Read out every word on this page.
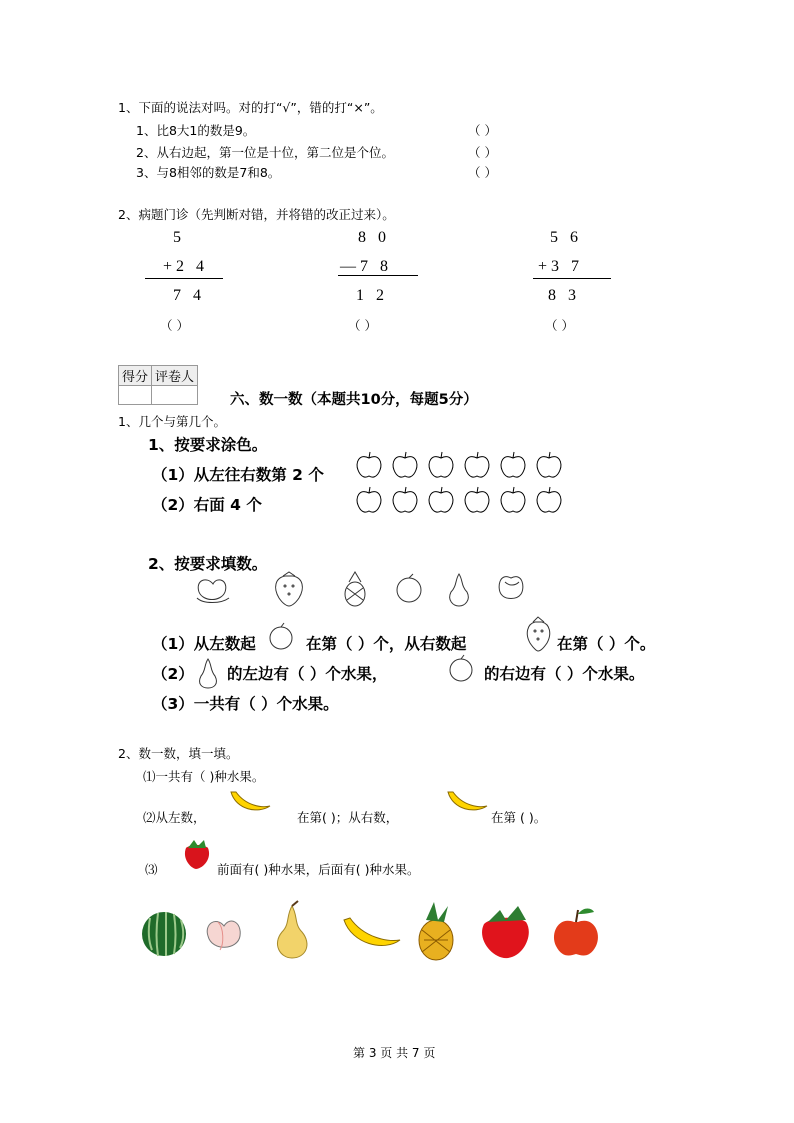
1、下面的说法对吗。对的打“√”，错的打“×”。
1、比8大1的数是9。	（ ）
2、从右边起，第一位是十位，第二位是个位。	（ ）
3、与8相邻的数是7和8。	（ ）
2、病题门诊（先判断对错，并将错的改正过来）。
5
+2 4
7 4
（ ）
8 0
—7 8
1 2
（ ）
5 6
+3 7
8 3
（ ）
得分	评卷人

六、数一数（本题共10分，每题5分）
1、几个与第几个。
1、按要求涂色。
（1）从左往右数第 2 个
（2）右面 4 个
2、按要求填数。
（1）从左数起	在第（ ）个，从右数起	在第（ ）个。
（2） 的左边有（ ）个水果，	的右边有（ ）个水果。
（3）一共有（ ）个水果。
2、数一数，填一填。
⑴一共有（ )种水果。
⑵从左数，	在第( )；从右数，	在第 ( )。
⑶	前面有( )种水果，后面有( )种水果。
第 3 页 共 7 页
